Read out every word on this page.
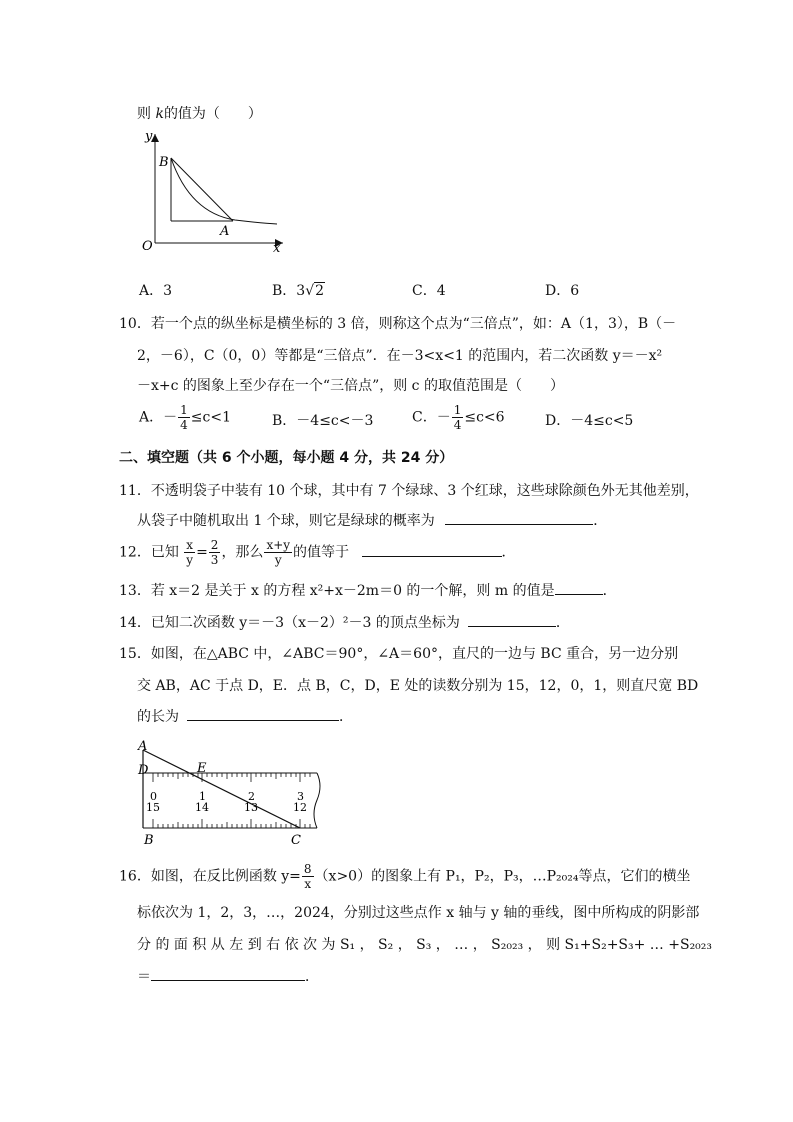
则 k的值为（　　）
y
x
O
B
A
A．3	B．3√2	C．4	D．6
10．若一个点的纵坐标是横坐标的 3 倍，则称这个点为“三倍点”，如：A（1，3），B（－
2，－6），C（0，0）等都是“三倍点”．在－3<x<1 的范围内，若二次函数 y＝－x²
－x+c 的图象上至少存在一个“三倍点”，则 c 的取值范围是（　　）
A．－ $\frac{1}{4} \le c<1$	B．－4≤c<－3	C．－ $\frac{1}{4} \le c<6$	D．－4≤c<5
二、填空题（共 6 个小题，每小题 4 分，共 24 分）
11．不透明袋子中装有 10 个球，其中有 7 个绿球、3 个红球，这些球除颜色外无其他差别，
从袋子中随机取出 1 个球，则它是绿球的概率为	．
12．已知 $\frac{x}{y} = \frac{2}{3}$ ，那么 $\frac{x+y}{y}$ 的值等于	．
13．若 x＝2 是关于 x 的方程 x²+x－2m＝0 的一个解，则 m 的值是	．
14．已知二次函数 y＝－3（x－2）²－3 的顶点坐标为	．
15．如图，在△ABC 中，∠ABC＝90°，∠A＝60°，直尺的一边与 BC 重合，另一边分别
交 AB，AC 于点 D，E．点 B，C，D，E 处的读数分别为 15，12，0，1，则直尺宽 BD
的长为	．
0	1	2	3
15	14	13	12
A
D	E
B	C
16．如图，在反比例函数 $y= \frac{8}{x} (x>0)$的图象上有 P₁，P₂，P₃，…P₂₀₂₄等点，它们的横坐
标依次为 1，2，3，…，2024，分别过这些点作 x 轴与 y 轴的垂线，图中所构成的阴影部
分 的 面 积 从 左 到 右 依 次 为 S₁ ， S₂ ， S₃ ， … ， S₂₀₂₃ ， 则 S₁+S₂+S₃+ … +S₂₀₂₃
＝	．
